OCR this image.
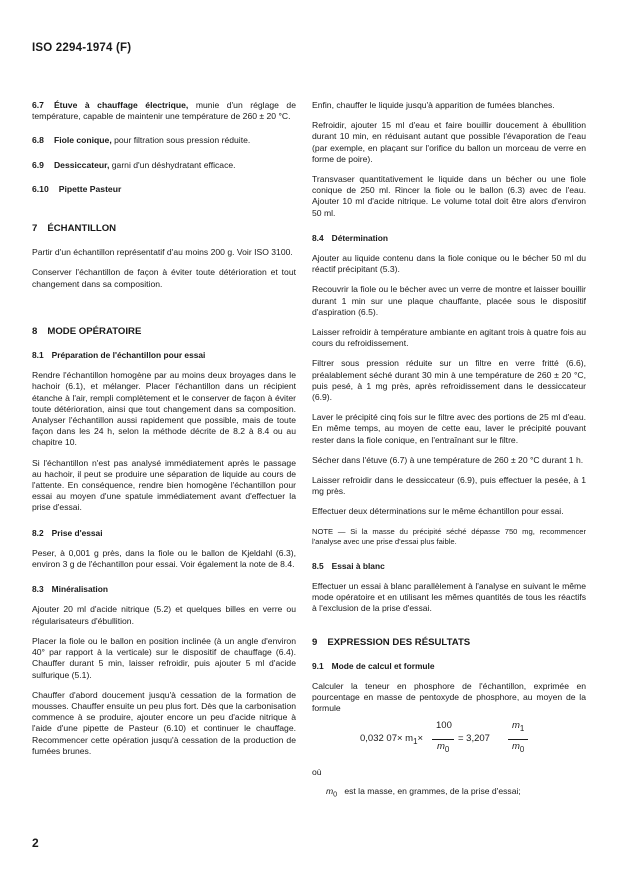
ISO 2294-1974 (F)

6.7 Étuve à chauffage électrique, munie d'un réglage de température, capable de maintenir une température de 260 ± 20 °C.

6.8 Fiole conique, pour filtration sous pression réduite.

6.9 Dessiccateur, garni d'un déshydratant efficace.

6.10 Pipette Pasteur

7 ÉCHANTILLON

Partir d'un échantillon représentatif d'au moins 200 g. Voir ISO 3100.

Conserver l'échantillon de façon à éviter toute détérioration et tout changement dans sa composition.

8 MODE OPÉRATOIRE
8.1 Préparation de l'échantillon pour essai

Rendre l'échantillon homogène par au moins deux broyages dans le hachoir (6.1), et mélanger. Placer l'échantillon dans un récipient étanche à l'air, rempli complètement et le conserver de façon à éviter toute détérioration, ainsi que tout changement dans sa composition. Analyser l'échantillon aussi rapidement que possible, mais de toute façon dans les 24 h, selon la méthode décrite de 8.2 à 8.4 ou au chapitre 10.

Si l'échantillon n'est pas analysé immédiatement après le passage au hachoir, il peut se produire une séparation de liquide au cours de l'attente. En conséquence, rendre bien homogène l'échantillon pour essai au moyen d'une spatule immédiatement avant d'effectuer la prise d'essai.

8.2 Prise d'essai

Peser, à 0,001 g près, dans la fiole ou le ballon de Kjeldahl (6.3), environ 3 g de l'échantillon pour essai. Voir également la note de 8.4.

8.3 Minéralisation

Ajouter 20 ml d'acide nitrique (5.2) et quelques billes en verre ou régularisateurs d'ébullition.

Placer la fiole ou le ballon en position inclinée (à un angle d'environ 40° par rapport à la verticale) sur le dispositif de chauffage (6.4). Chauffer durant 5 min, laisser refroidir, puis ajouter 5 ml d'acide sulfurique (5.1).

Chauffer d'abord doucement jusqu'à cessation de la formation de mousses. Chauffer ensuite un peu plus fort. Dès que la carbonisation commence à se produire, ajouter encore un peu d'acide nitrique à l'aide d'une pipette de Pasteur (6.10) et continuer le chauffage. Recommencer cette opération jusqu'à cessation de la production de fumées brunes.

Enfin, chauffer le liquide jusqu'à apparition de fumées blanches.

Refroidir, ajouter 15 ml d'eau et faire bouillir doucement à ébullition durant 10 min, en réduisant autant que possible l'évaporation de l'eau (par exemple, en plaçant sur l'orifice du ballon un morceau de verre en forme de poire).

Transvaser quantitativement le liquide dans un bécher ou une fiole conique de 250 ml. Rincer la fiole ou le ballon (6.3) avec de l'eau. Ajouter 10 ml d'acide nitrique. Le volume total doit être alors d'environ 50 ml.

8.4 Détermination

Ajouter au liquide contenu dans la fiole conique ou le bécher 50 ml du réactif précipitant (5.3).

Recouvrir la fiole ou le bécher avec un verre de montre et laisser bouillir durant 1 min sur une plaque chauffante, placée sous le dispositif d'aspiration (6.5).

Laisser refroidir à température ambiante en agitant trois à quatre fois au cours du refroidissement.

Filtrer sous pression réduite sur un filtre en verre fritté (6.6), préalablement séché durant 30 min à une température de 260 ± 20 °C, puis pesé, à 1 mg près, après refroidissement dans le dessiccateur (6.9).

Laver le précipité cinq fois sur le filtre avec des portions de 25 ml d'eau. En même temps, au moyen de cette eau, laver le précipité pouvant rester dans la fiole conique, en l'entraînant sur le filtre.

Sécher dans l'étuve (6.7) à une température de 260 ± 20 °C durant 1 h.

Laisser refroidir dans le dessiccateur (6.9), puis effectuer la pesée, à 1 mg près.

Effectuer deux déterminations sur le même échantillon pour essai.

NOTE — Si la masse du précipité séché dépasse 750 mg, recommencer l'analyse avec une prise d'essai plus faible.

8.5 Essai à blanc

Effectuer un essai à blanc parallèlement à l'analyse en suivant le même mode opératoire et en utilisant les mêmes quantités de tous les réactifs à l'exclusion de la prise d'essai.

9 EXPRESSION DES RÉSULTATS
9.1 Mode de calcul et formule

Calculer la teneur en phosphore de l'échantillon, exprimée en pourcentage en masse de pentoxyde de phosphore, au moyen de la formule

0,032 $07\times m_1\times$
100
$m_0$
= 3,207
$m_1$
$m_0$

où

$m_0$ est la masse, en grammes, de la prise d'essai;

2
